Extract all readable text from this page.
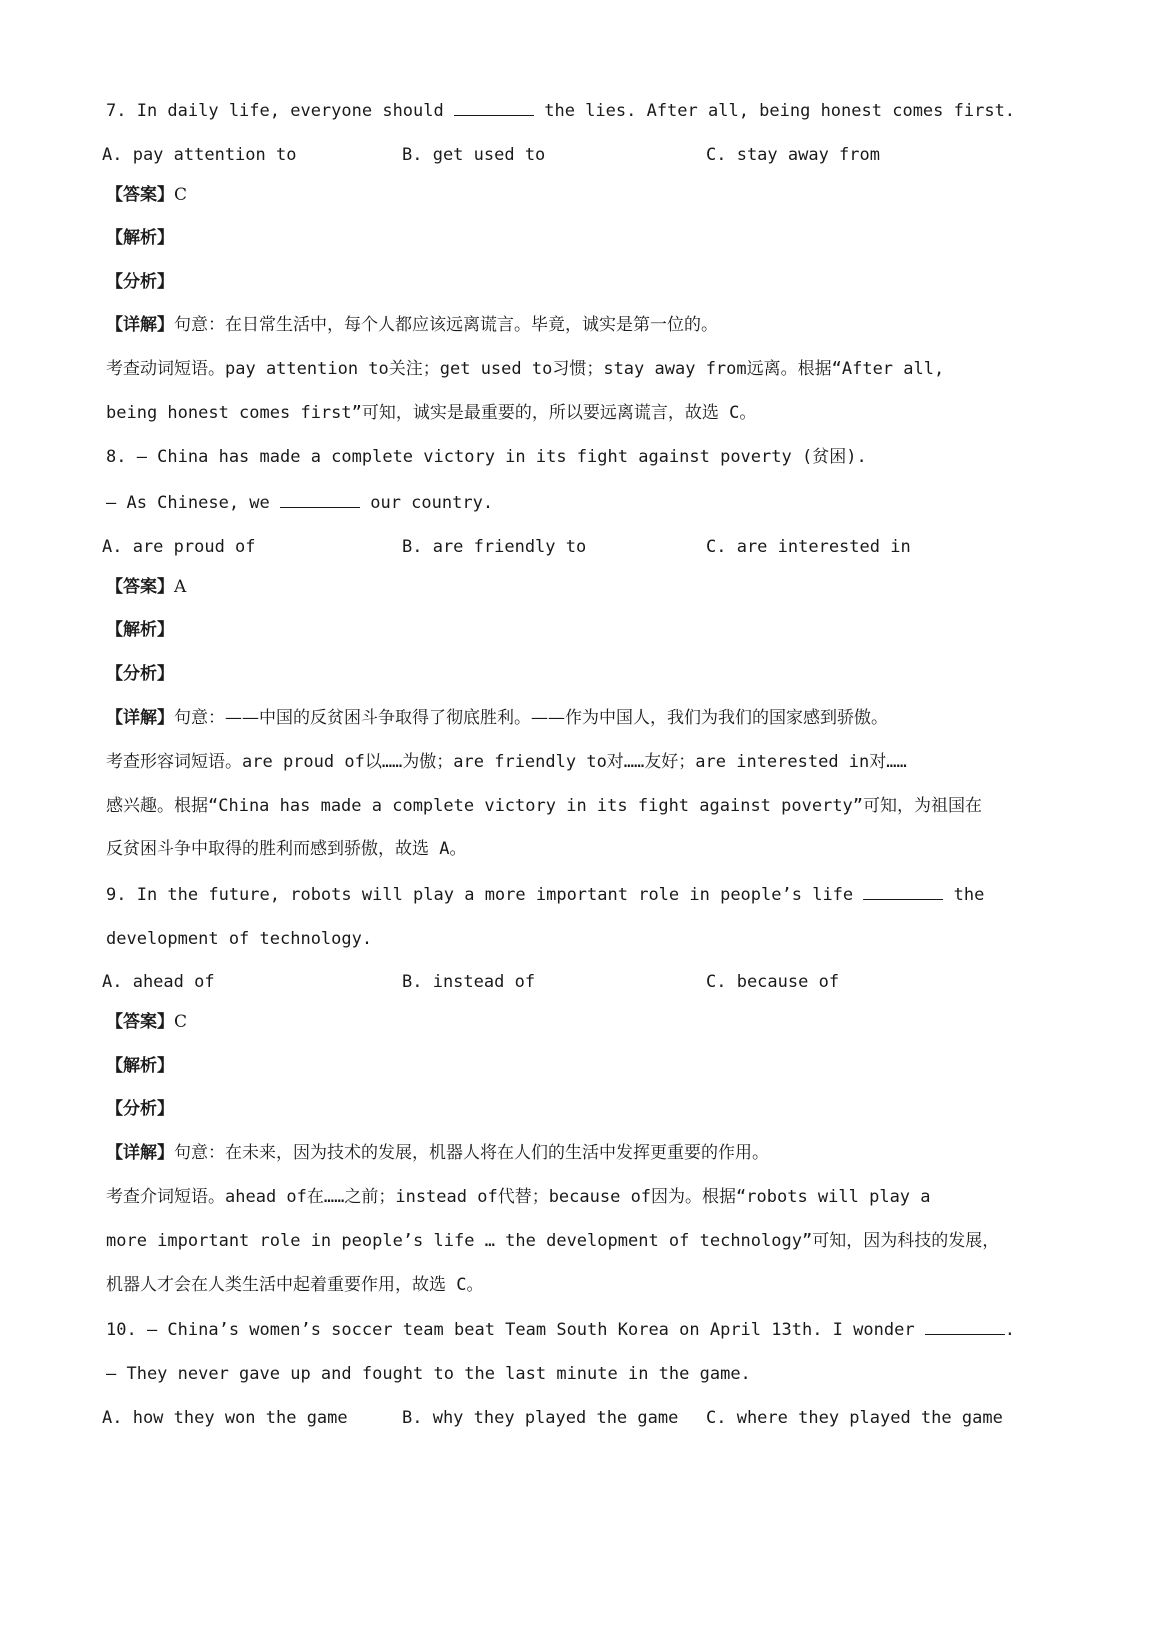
7. In daily life, everyone should	the lies. After all, being honest comes first.
A. pay attention to	B. get used to	C. stay away from
【答案】C
【解析】
【分析】
【详解】句意：在日常生活中，每个人都应该远离谎言。毕竟，诚实是第一位的。
考查动词短语。pay attention to关注；get used to习惯；stay away from远离。根据“After all,
being honest comes first”可知，诚实是最重要的，所以要远离谎言，故选 C。
8. — China has made a complete victory in its fight against poverty (贫困).
— As Chinese, we	our country.
A. are proud of	B. are friendly to	C. are interested in
【答案】A
【解析】
【分析】
【详解】句意：——中国的反贫困斗争取得了彻底胜利。——作为中国人，我们为我们的国家感到骄傲。
考查形容词短语。are proud of以……为傲；are friendly to对……友好；are interested in对……
感兴趣。根据“China has made a complete victory in its fight against poverty”可知，为祖国在
反贫困斗争中取得的胜利而感到骄傲，故选 A。
9. In the future, robots will play a more important role in people’s life	the
development of technology.
A. ahead of	B. instead of	C. because of
【答案】C
【解析】
【分析】
【详解】句意：在未来，因为技术的发展，机器人将在人们的生活中发挥更重要的作用。
考查介词短语。ahead of在……之前；instead of代替；because of因为。根据“robots will play a
more important role in people’s life … the development of technology”可知，因为科技的发展，
机器人才会在人类生活中起着重要作用，故选 C。
10. — China’s women’s soccer team beat Team South Korea on April 13th. I wonder	.
— They never gave up and fought to the last minute in the game.
A. how they won the game	B. why they played the game C. where they played the game
